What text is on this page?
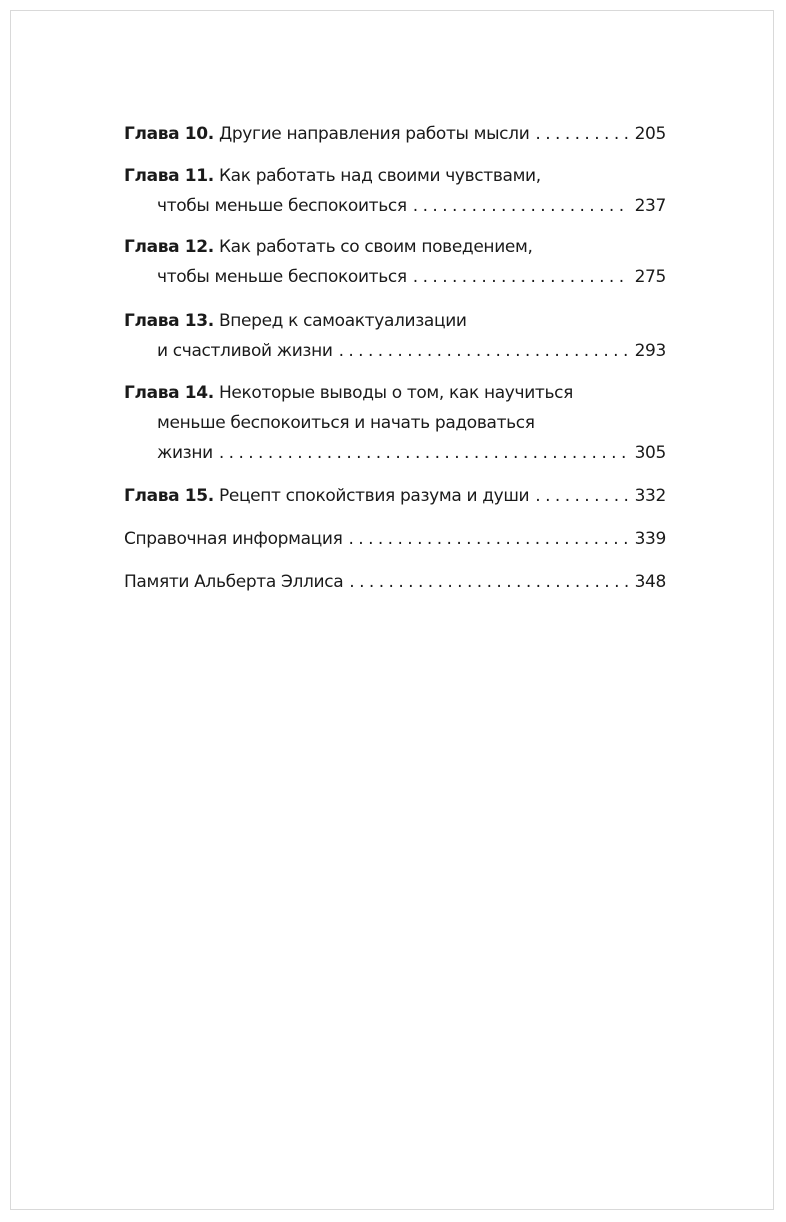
Глава 10.
Другие направления работы мысли . . .	205
Глава 11. Как работать над своими чувствами,
чтобы меньше беспокоиться . . .	237
Глава 12. Как работать со своим поведением,
чтобы меньше беспокоиться . . .	275
Глава 13. Вперед к самоактуализации
и счастливой жизни . . .	293
Глава 14. Некоторые выводы о том, как научиться
меньше беспокоиться и начать радоваться
жизни . . .	305
Глава 15.
Рецепт спокойствия разума и души . . .	332
Справочная информация . . .	339
Памяти Альберта Эллиса . . .	348
